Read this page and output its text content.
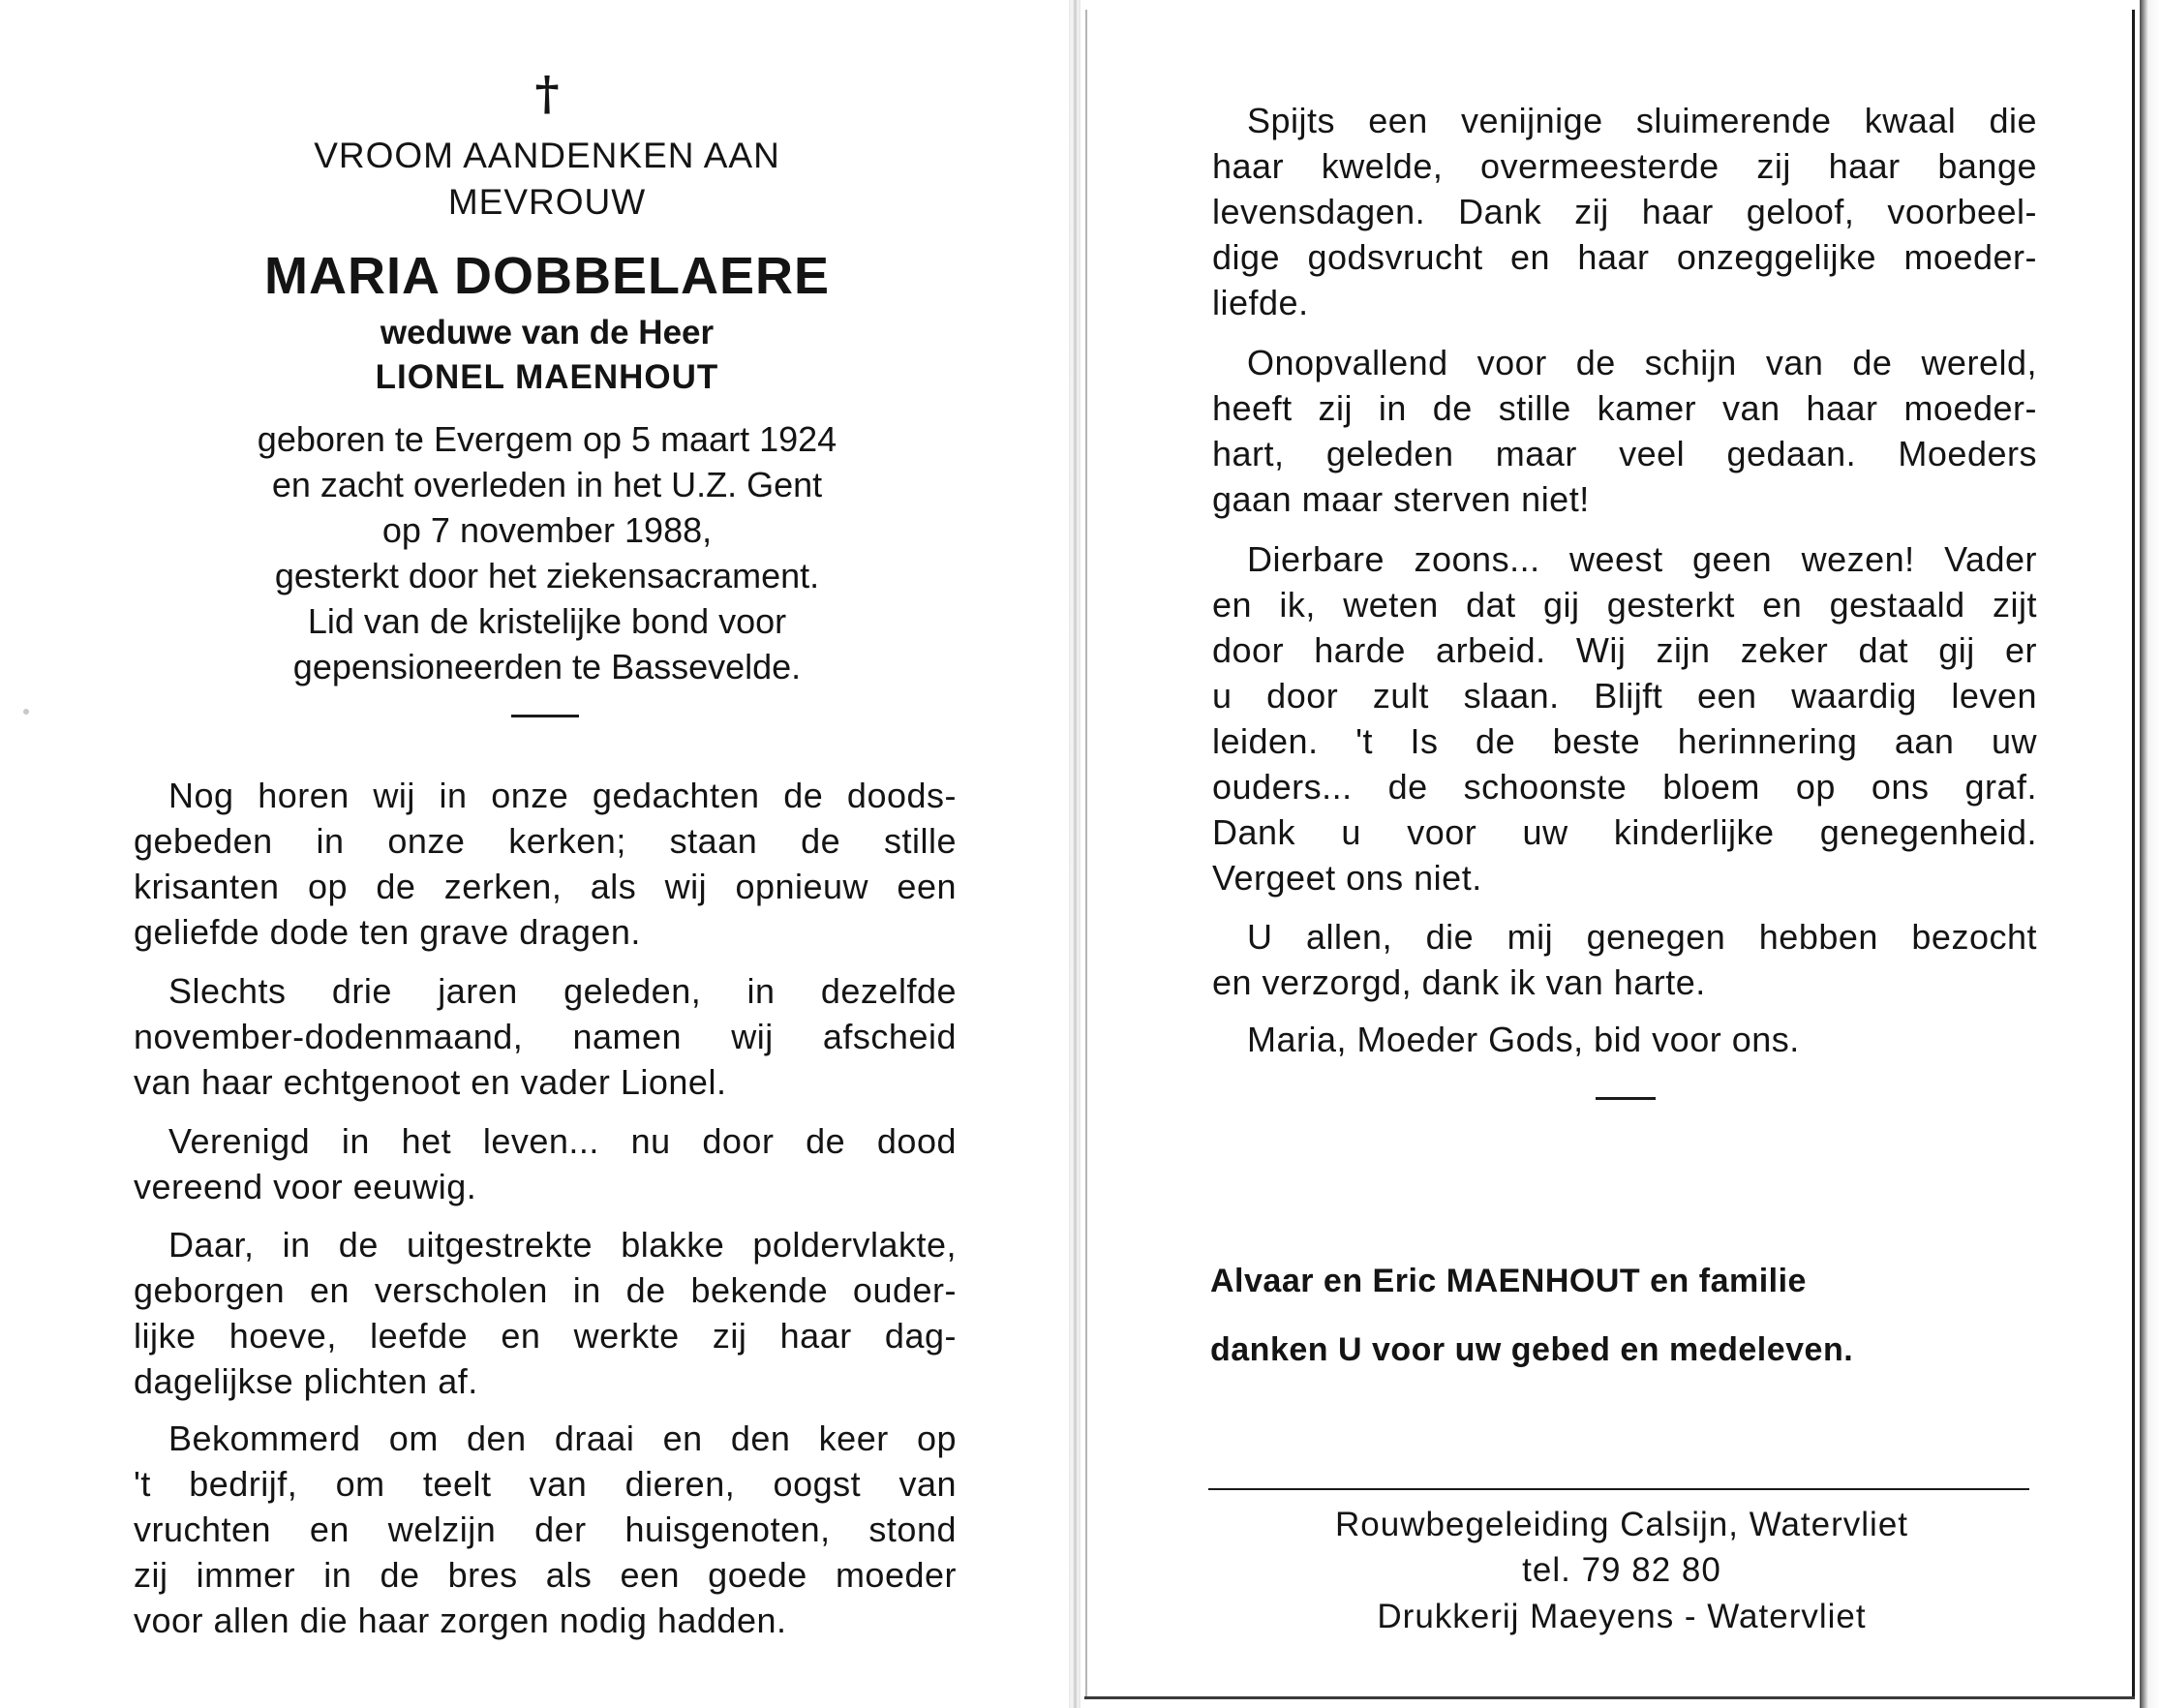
†
VROOM AANDENKEN AAN
MEVROUW
MARIA DOBBELAERE
weduwe van de Heer
LIONEL MAENHOUT
geboren te Evergem op 5 maart 1924
en zacht overleden in het U.Z. Gent
op 7 november 1988,
gesterkt door het ziekensacrament.
Lid van de kristelijke bond voor
gepensioneerden te Bassevelde.
Nog horen wij in onze gedachten de doods-
gebeden in onze kerken; staan de stille
krisanten op de zerken, als wij opnieuw een
geliefde dode ten grave dragen.
Slechts drie jaren geleden, in dezelfde
november-dodenmaand, namen wij afscheid
van haar echtgenoot en vader Lionel.
Verenigd in het leven... nu door de dood
vereend voor eeuwig.
Daar, in de uitgestrekte blakke poldervlakte,
geborgen en verscholen in de bekende ouder-
lijke hoeve, leefde en werkte zij haar dag-
dagelijkse plichten af.
Bekommerd om den draai en den keer op
't bedrijf, om teelt van dieren, oogst van
vruchten en welzijn der huisgenoten, stond
zij immer in de bres als een goede moeder
voor allen die haar zorgen nodig hadden.
Spijts een venijnige sluimerende kwaal die
haar kwelde, overmeesterde zij haar bange
levensdagen. Dank zij haar geloof, voorbeel-
dige godsvrucht en haar onzeggelijke moeder-
liefde.
Onopvallend voor de schijn van de wereld,
heeft zij in de stille kamer van haar moeder-
hart, geleden maar veel gedaan. Moeders
gaan maar sterven niet!
Dierbare zoons... weest geen wezen! Vader
en ik, weten dat gij gesterkt en gestaald zijt
door harde arbeid. Wij zijn zeker dat gij er
u door zult slaan. Blijft een waardig leven
leiden. 't Is de beste herinnering aan uw
ouders... de schoonste bloem op ons graf.
Dank u voor uw kinderlijke genegenheid.
Vergeet ons niet.
U allen, die mij genegen hebben bezocht
en verzorgd, dank ik van harte.
Maria, Moeder Gods, bid voor ons.
Alvaar en Eric MAENHOUT en familie
danken U voor uw gebed en medeleven.
Rouwbegeleiding Calsijn, Watervliet
tel. 79 82 80
Drukkerij Maeyens - Watervliet
